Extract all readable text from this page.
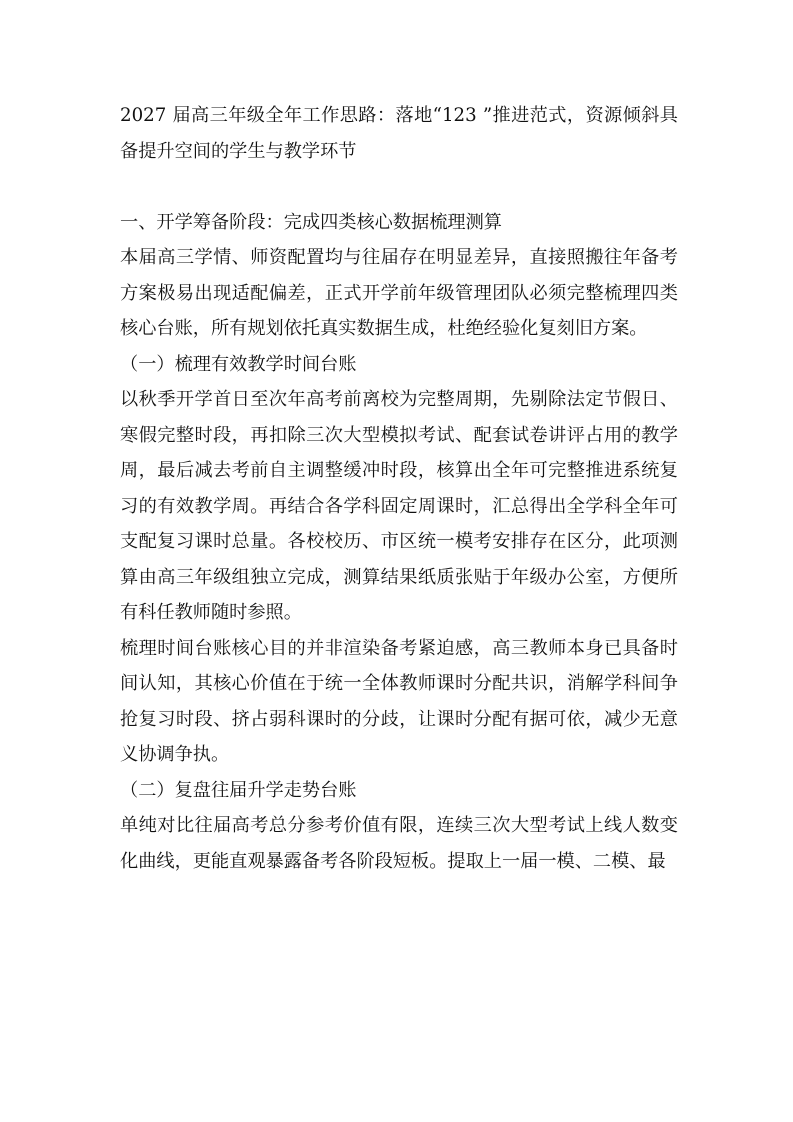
2027 届高三年级全年工作思路：落地“123 ”推进范式，资源倾斜具备提升空间的学生与教学环节

一、开学筹备阶段：完成四类核心数据梳理测算

本届高三学情、师资配置均与往届存在明显差异，直接照搬往年备考方案极易出现适配偏差，正式开学前年级管理团队必须完整梳理四类核心台账，所有规划依托真实数据生成，杜绝经验化复刻旧方案。

（一）梳理有效教学时间台账

以秋季开学首日至次年高考前离校为完整周期，先剔除法定节假日、寒假完整时段，再扣除三次大型模拟考试、配套试卷讲评占用的教学周，最后减去考前自主调整缓冲时段，核算出全年可完整推进系统复习的有效教学周。再结合各学科固定周课时，汇总得出全学科全年可支配复习课时总量。各校校历、市区统一模考安排存在区分，此项测算由高三年级组独立完成，测算结果纸质张贴于年级办公室，方便所有科任教师随时参照。

梳理时间台账核心目的并非渲染备考紧迫感，高三教师本身已具备时间认知，其核心价值在于统一全体教师课时分配共识，消解学科间争抢复习时段、挤占弱科课时的分歧，让课时分配有据可依，减少无意义协调争执。

（二）复盘往届升学走势台账

单纯对比往届高考总分参考价值有限，连续三次大型考试上线人数变化曲线，更能直观暴露备考各阶段短板。提取上一届一模、二模、最
